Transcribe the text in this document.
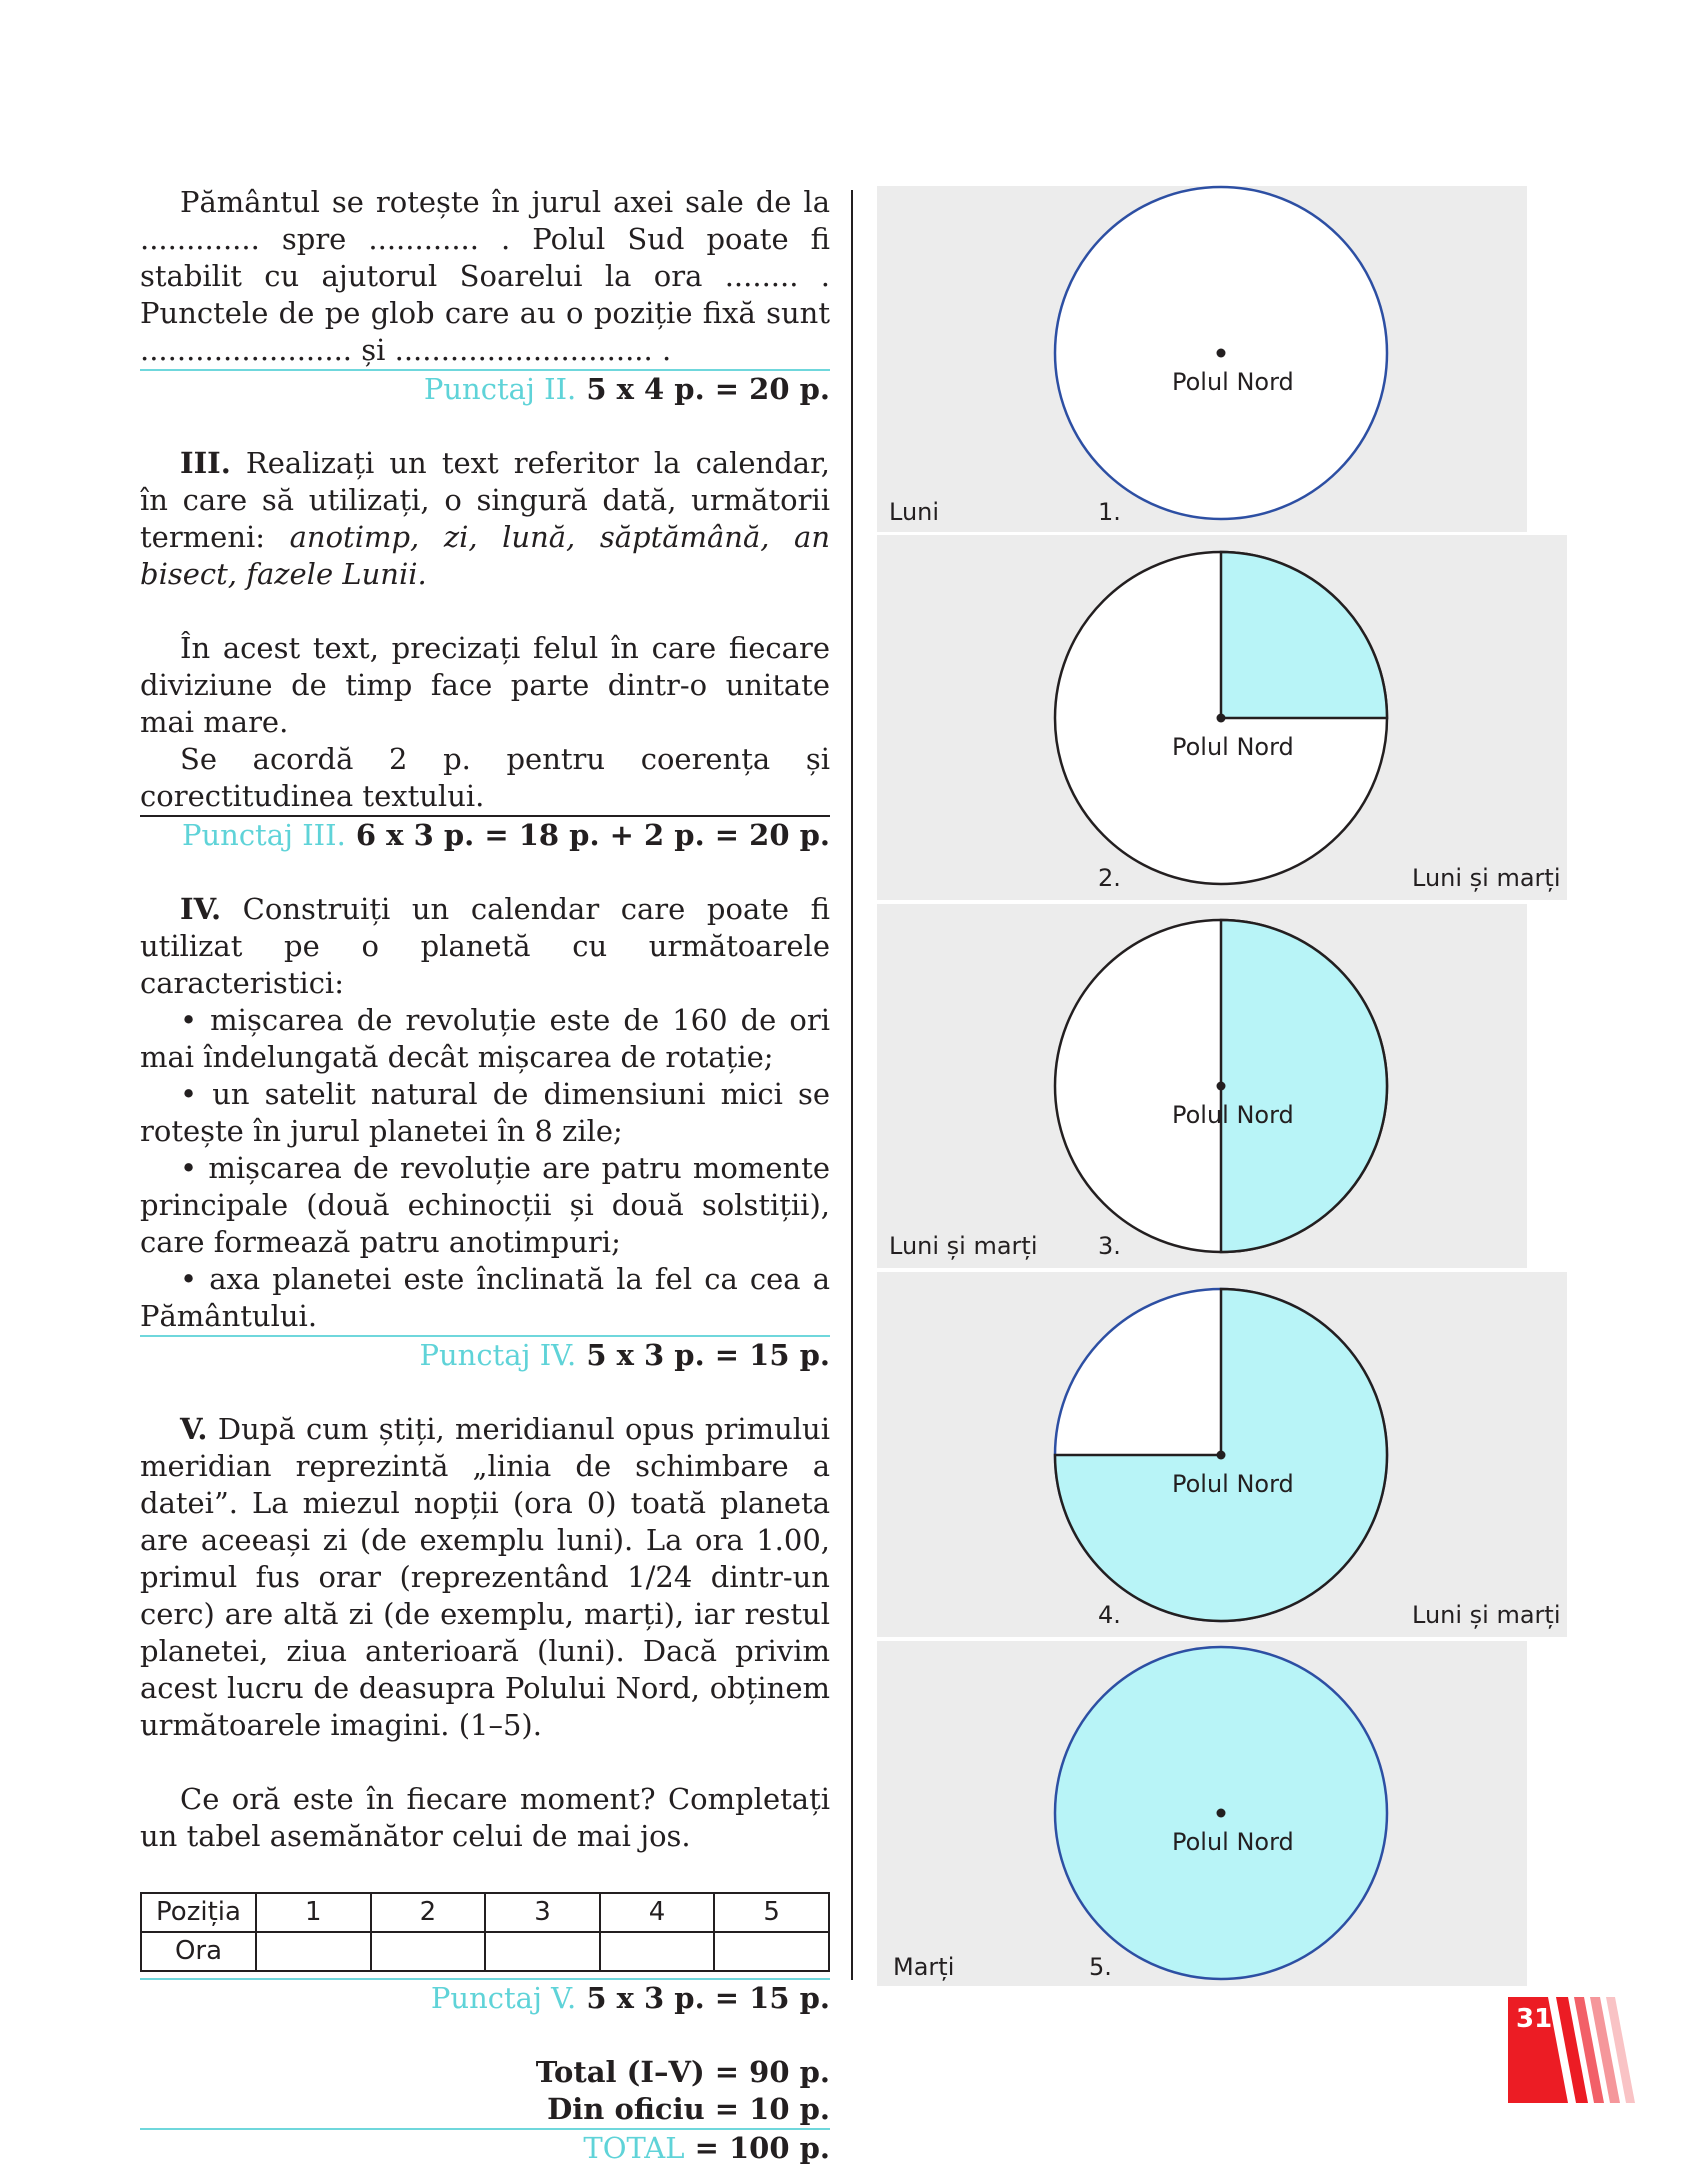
Pământul se rotește în jurul axei sale de la ............. spre ............ . Polul Sud poate fi stabilit cu ajutorul Soarelui la ora ........ . Punctele de pe glob care au o poziție fixă sunt ....................... și ............................ .

Punctaj II. 5 x 4 p. = 20 p.

III. Realizați un text referitor la calendar, în care să utilizați, o singură dată, următorii termeni: anotimp, zi, lună, săptămână, an bisect, fazele Lunii.

În acest text, precizați felul în care fiecare diviziune de timp face parte dintr-o unitate mai mare.

Se acordă 2 p. pentru coerența și corectitudinea textului.

Punctaj III. 6 x 3 p. = 18 p. + 2 p. = 20 p.

IV. Construiți un calendar care poate fi utilizat pe o planetă cu următoarele caracteristici:

• mișcarea de revoluție este de 160 de ori mai îndelungată decât mișcarea de rotație;

• un satelit natural de dimensiuni mici se rotește în jurul planetei în 8 zile;

• mișcarea de revoluție are patru momente principale (două echinocții și două solstiții), care formează patru anotimpuri;

• axa planetei este înclinată la fel ca cea a Pământului.

Punctaj IV. 5 x 3 p. = 15 p.

V. După cum știți, meridianul opus primului meridian reprezintă „linia de schimbare a datei”. La miezul nopții (ora 0) toată planeta are aceeași zi (de exemplu luni). La ora 1.00, primul fus orar (reprezentând 1/24 dintr-un cerc) are altă zi (de exemplu, marți), iar restul planetei, ziua anterioară (luni). Dacă privim acest lucru de deasupra Polului Nord, obținem următoarele imagini. (1–5).

Ce oră este în fiecare moment? Completați un tabel asemănător celui de mai jos.

Poziția	1	2	3	4	5
Ora					
Punctaj V. 5 x 3 p. = 15 p.
Total (I–V) = 90 p.
Din oficiu = 10 p.
TOTAL = 100 p.
Polul Nord
Luni	1.
Polul Nord
2.	Luni și marți
Polul Nord
Luni și marți	3.
Polul Nord
4.	Luni și marți
Polul Nord
Marți	5.
31
